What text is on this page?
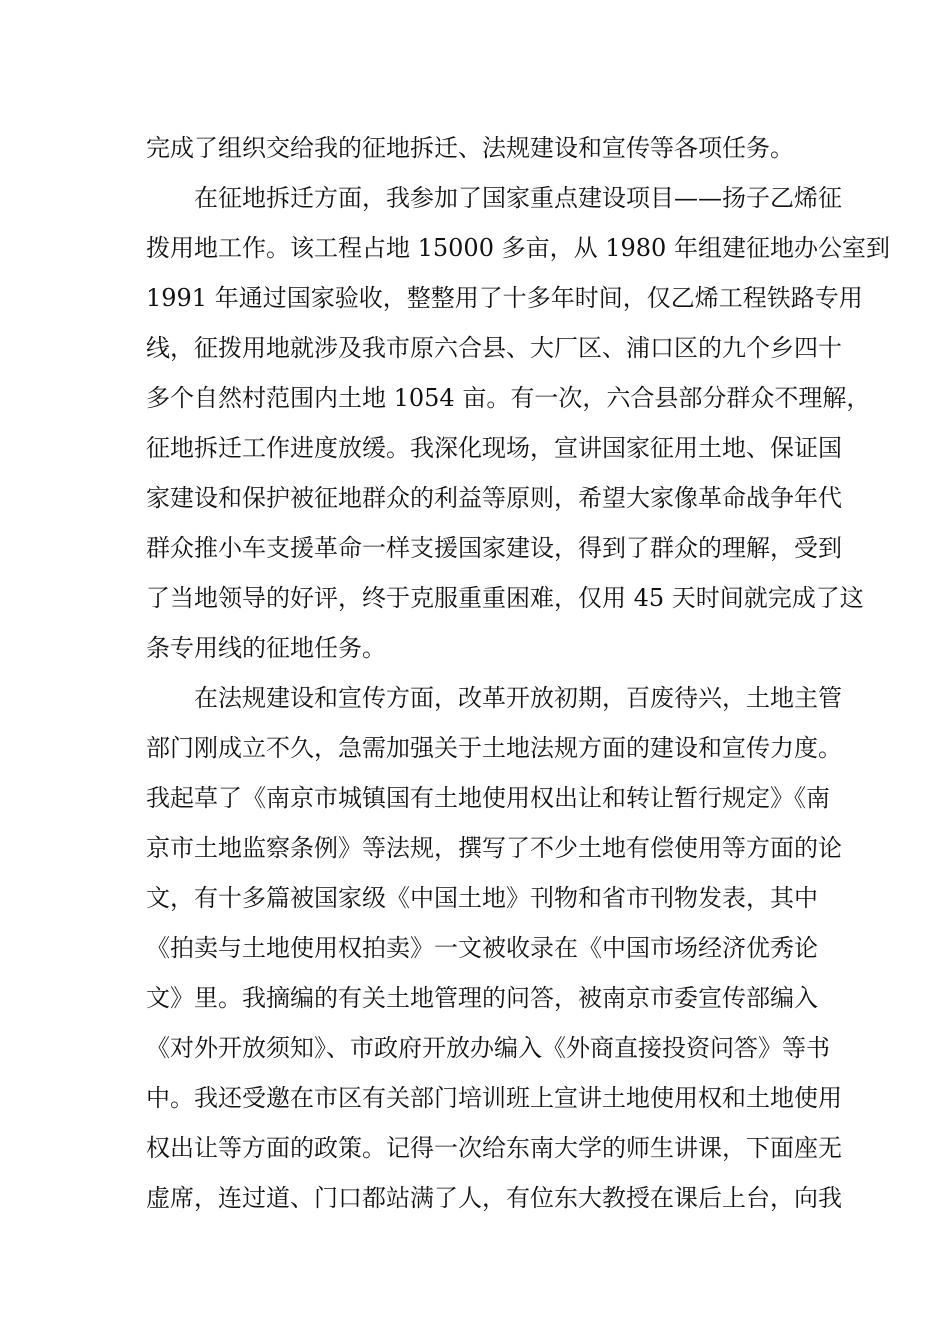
完成了组织交给我的征地拆迁、法规建设和宣传等各项任务。
在征地拆迁方面，我参加了国家重点建设项目——扬子乙烯征
拨用地工作。该工程占地 15000 多亩，从 1980 年组建征地办公室到
1991 年通过国家验收，整整用了十多年时间，仅乙烯工程铁路专用
线，征拨用地就涉及我市原六合县、大厂区、浦口区的九个乡四十
多个自然村范围内土地 1054 亩。有一次，六合县部分群众不理解，
征地拆迁工作进度放缓。我深化现场，宣讲国家征用土地、保证国
家建设和保护被征地群众的利益等原则，希望大家像革命战争年代
群众推小车支援革命一样支援国家建设，得到了群众的理解，受到
了当地领导的好评，终于克服重重困难，仅用 45 天时间就完成了这
条专用线的征地任务。
在法规建设和宣传方面，改革开放初期，百废待兴，土地主管
部门刚成立不久，急需加强关于土地法规方面的建设和宣传力度。
我起草了《南京市城镇国有土地使用权出让和转让暂行规定》《南
京市土地监察条例》等法规，撰写了不少土地有偿使用等方面的论
文，有十多篇被国家级《中国土地》刊物和省市刊物发表，其中
《拍卖与土地使用权拍卖》一文被收录在《中国市场经济优秀论
文》里。我摘编的有关土地管理的问答，被南京市委宣传部编入
《对外开放须知》、市政府开放办编入《外商直接投资问答》等书
中。我还受邀在市区有关部门培训班上宣讲土地使用权和土地使用
权出让等方面的政策。记得一次给东南大学的师生讲课，下面座无
虚席，连过道、门口都站满了人，有位东大教授在课后上台，向我
